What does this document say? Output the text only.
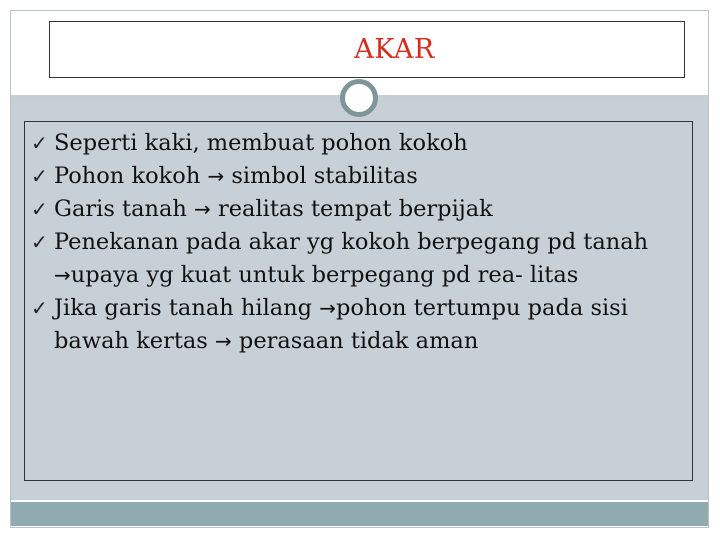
AKAR
✓ Seperti kaki, membuat pohon kokoh
✓ Pohon kokoh → simbol stabilitas
✓ Garis tanah → realitas tempat berpijak
✓ Penekanan pada akar yg kokoh berpegang pd tanah →upaya yg kuat untuk berpegang pd rea- litas
✓ Jika garis tanah hilang →pohon tertumpu pada sisi bawah kertas → perasaan tidak aman
